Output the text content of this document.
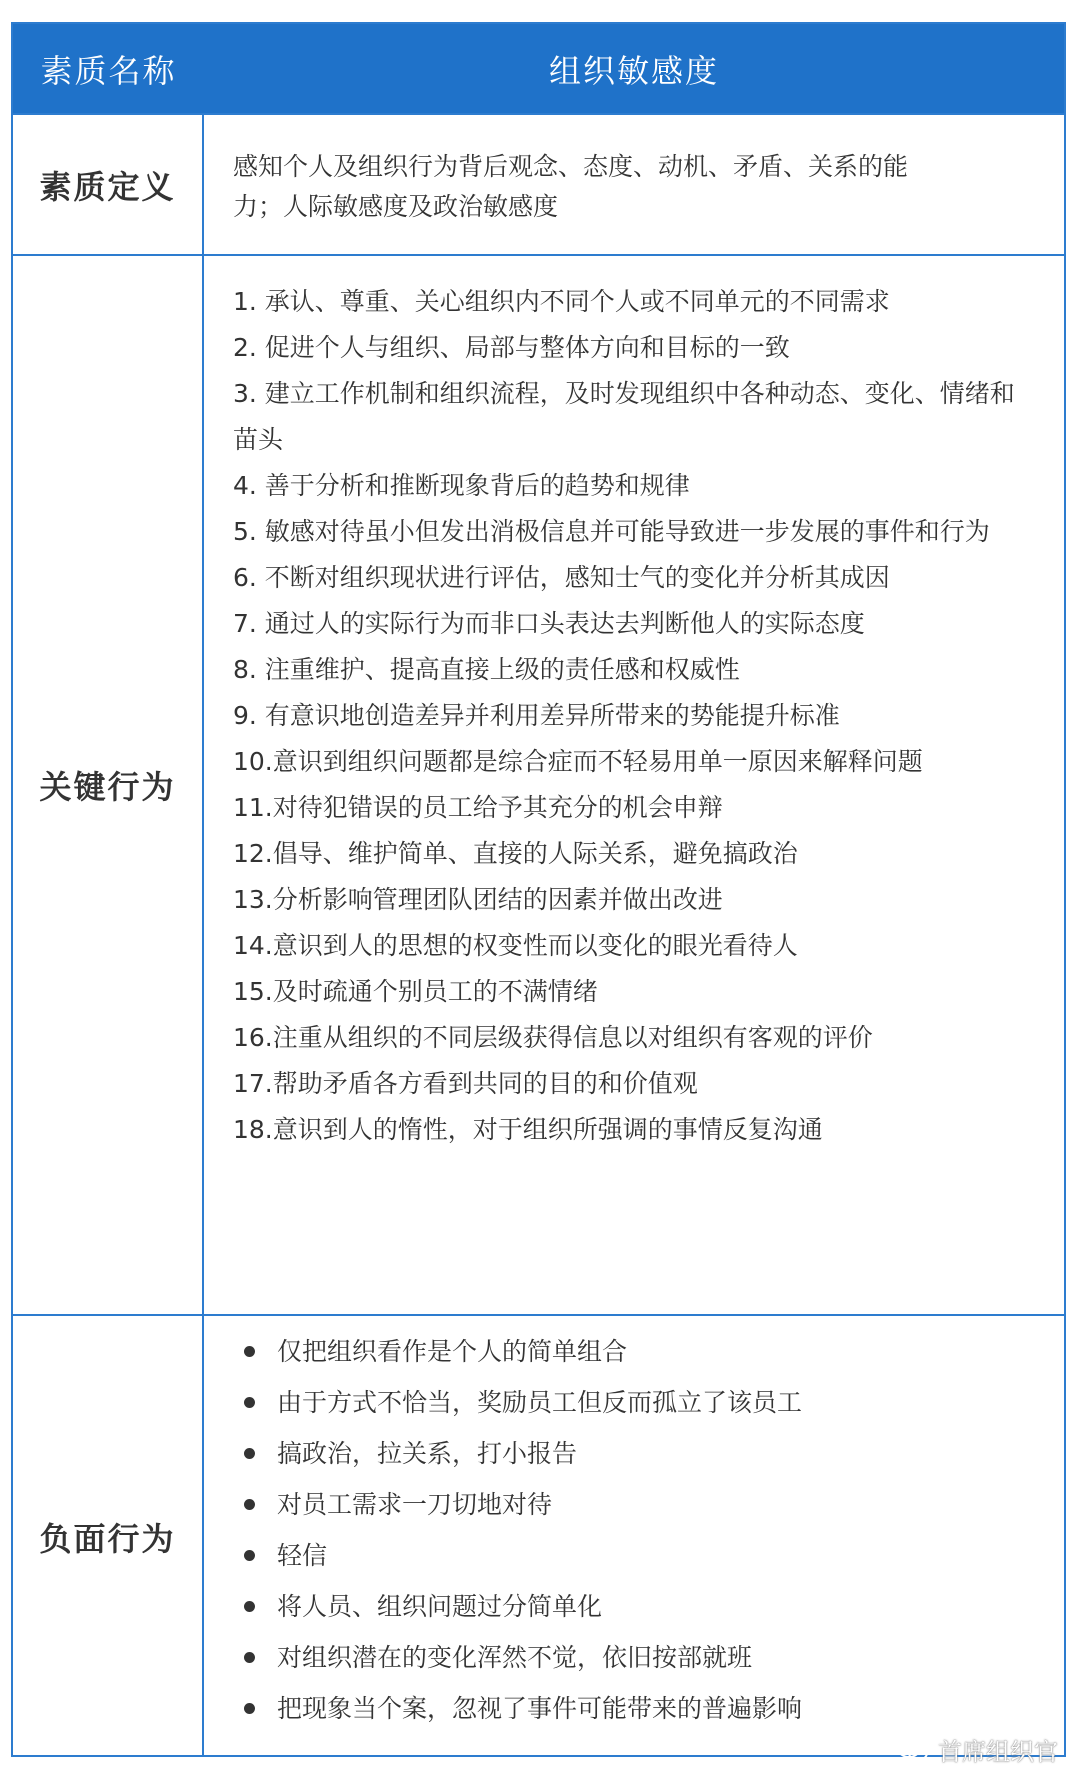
素质名称	组织敏感度
素质定义
感知个人及组织行为背后观念、态度、动机、矛盾、关系的能
力；人际敏感度及政治敏感度
关键行为
1. 承认、尊重、关心组织内不同个人或不同单元的不同需求
2. 促进个人与组织、局部与整体方向和目标的一致
3. 建立工作机制和组织流程，及时发现组织中各种动态、变化、情绪和苗头
4. 善于分析和推断现象背后的趋势和规律
5. 敏感对待虽小但发出消极信息并可能导致进一步发展的事件和行为
6. 不断对组织现状进行评估，感知士气的变化并分析其成因
7. 通过人的实际行为而非口头表达去判断他人的实际态度
8. 注重维护、提高直接上级的责任感和权威性
9. 有意识地创造差异并利用差异所带来的势能提升标准
10.意识到组织问题都是综合症而不轻易用单一原因来解释问题
11.对待犯错误的员工给予其充分的机会申辩
12.倡导、维护简单、直接的人际关系，避免搞政治
13.分析影响管理团队团结的因素并做出改进
14.意识到人的思想的权变性而以变化的眼光看待人
15.及时疏通个别员工的不满情绪
16.注重从组织的不同层级获得信息以对组织有客观的评价
17.帮助矛盾各方看到共同的目的和价值观
18.意识到人的惰性，对于组织所强调的事情反复沟通
负面行为
仅把组织看作是个人的简单组合
由于方式不恰当，奖励员工但反而孤立了该员工
搞政治，拉关系，打小报告
对员工需求一刀切地对待
轻信
将人员、组织问题过分简单化
对组织潜在的变化浑然不觉，依旧按部就班
把现象当个案，忽视了事件可能带来的普遍影响
首席组织官
